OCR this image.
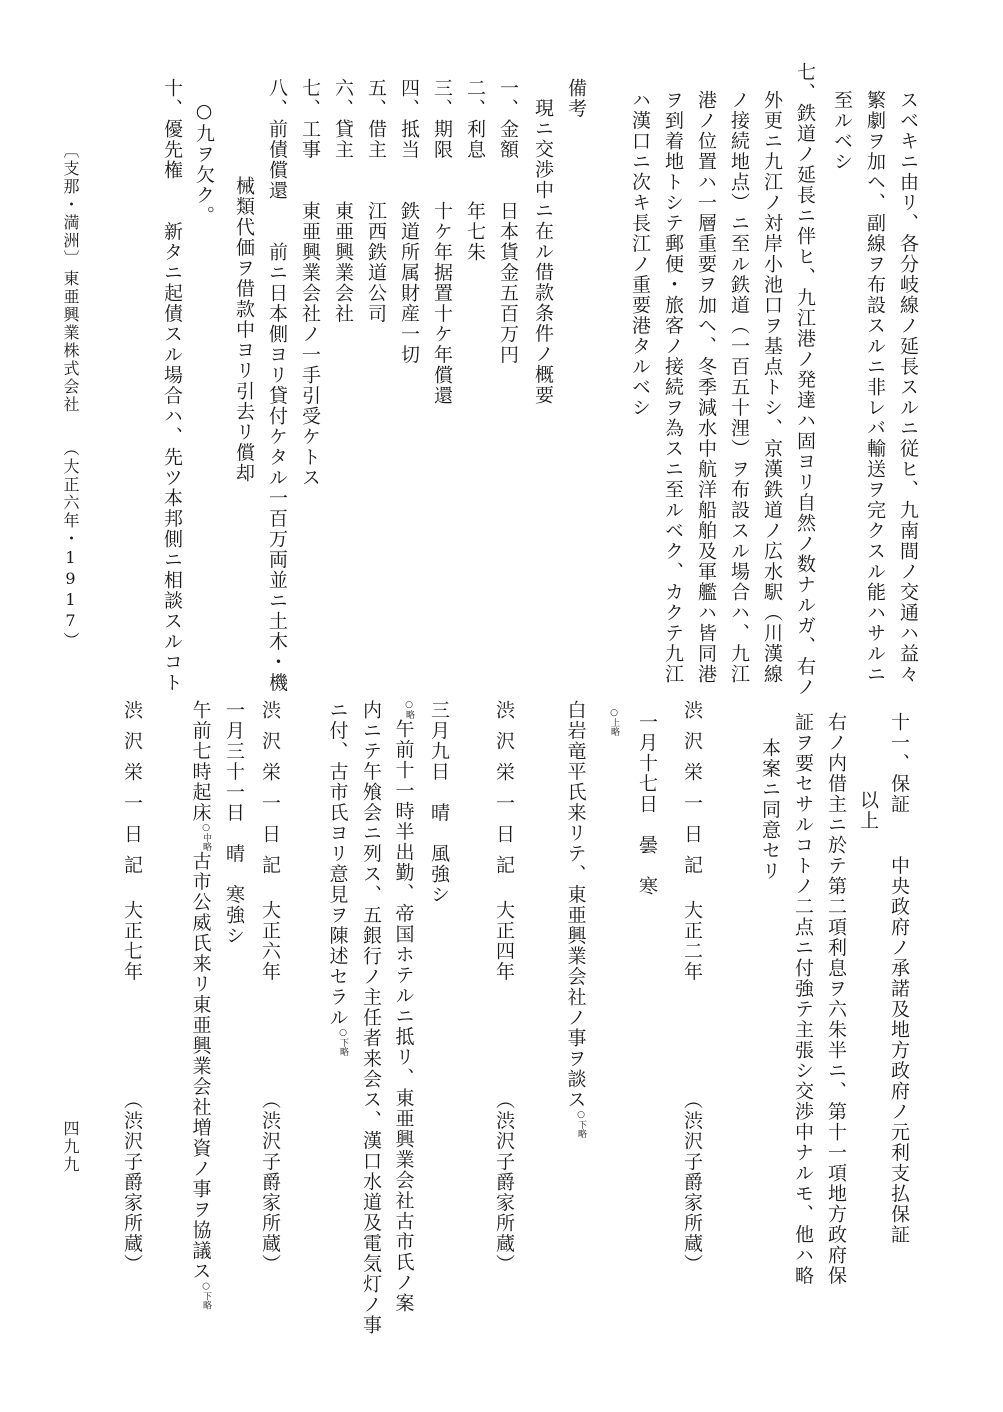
スベキニ由リ、各分岐線ノ延長スルニ従ヒ、九南間ノ交通ハ益々
繁劇ヲ加ヘ、副線ヲ布設スルニ非レバ輸送ヲ完クスル能ハサルニ
至ルベシ
七、鉄道ノ延長ニ伴ヒ、九江港ノ発達ハ固ヨリ自然ノ数ナルガ、右ノ
外更ニ九江ノ対岸小池口ヲ基点トシ、京漢鉄道ノ広水駅（川漢線
ノ接続地点）ニ至ル鉄道（一百五十浬）ヲ布設スル場合ハ、九江
港ノ位置ハ一層重要ヲ加ヘ、冬季減水中航洋船舶及軍艦ハ皆同港
ヲ到着地トシテ郵便・旅客ノ接続ヲ為スニ至ルベク、カクテ九江
ハ漢口ニ次キ長江ノ重要港タルベシ
備考
現ニ交渉中ニ在ル借款条件ノ概要
一、金額　　日本貨金五百万円
二、利息　　年七朱
三、期限　　十ケ年据置十ケ年償還
四、抵当　　鉄道所属財産一切
五、借主　　江西鉄道公司
六、貸主　　東亜興業会社
七、工事　　東亜興業会社ノ一手引受ケトス
八、前債償還　　前ニ日本側ヨリ貸付ケタル一百万両並ニ土木・機
械類代価ヲ借款中ヨリ引去リ償却
○九ヲ欠ク。
十、優先権　　新タニ起債スル場合ハ、先ツ本邦側ニ相談スルコト
〔支那・満洲〕
東亜興業株式会社
（大正六年・1917）
十一、保証　　中央政府ノ承諾及地方政府ノ元利支払保証
以上
右ノ内借主ニ於テ第二項利息ヲ六朱半ニ、第十一項地方政府保
証ヲ要セサルコトノ二点ニ付強テ主張シ交渉中ナルモ、他ハ略
本案ニ同意セリ
渋沢栄一日記
大正二年
（渋沢子爵家所蔵）
一月十七日　曇　寒
○上略
白岩竜平氏来リテ、東亜興業会社ノ事ヲ談ス○下略
渋沢栄一日記
大正四年
（渋沢子爵家所蔵）
三月九日　晴　風強シ
○略午前十一時半出勤、帝国ホテルニ抵リ、東亜興業会社古市氏ノ案
内ニテ午飧会ニ列ス、五銀行ノ主任者来会ス、漢口水道及電気灯ノ事
ニ付、古市氏ヨリ意見ヲ陳述セラル○下略
渋沢栄一日記
大正六年
（渋沢子爵家所蔵）
一月三十一日　晴　寒強シ
午前七時起床○中略古市公威氏来リ東亜興業会社増資ノ事ヲ協議ス○下略
渋沢栄一日記
大正七年
（渋沢子爵家所蔵）
四九九
